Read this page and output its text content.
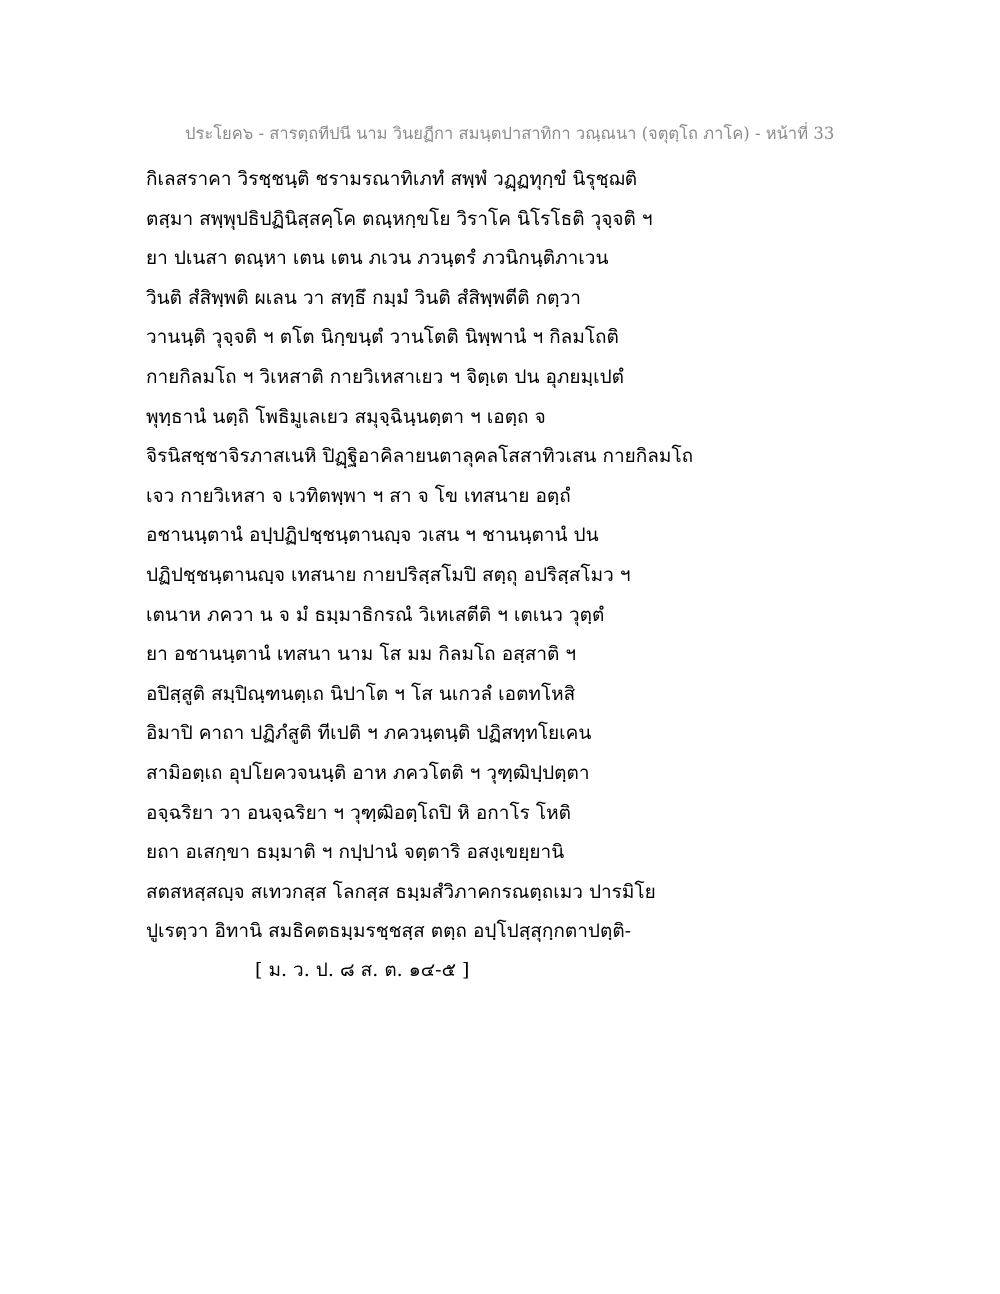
ประโยค๖ - สารตฺถทีปนี นาม วินยฏีกา สมนฺตปาสาทิกา วณฺณนา (จตุตฺโถ ภาโค) - หน้าที่ 33
กิเลสราคา วิรชฺชนฺติ ชรามรณาทิเภทํ สพฺพํ วฏฺฏทุกฺขํ นิรุชฺฌติ
ตสฺมา สพฺพุปธิปฏินิสฺสคฺโค ตณฺหกฺขโย วิราโค นิโรโธติ วุจฺจติ ฯ
ยา ปเนสา ตณฺหา เตน เตน ภเวน ภวนฺตรํ ภวนิกนฺติภาเวน
วินติ สํสิพฺพติ ผเลน วา สทฺธึ กมฺมํ วินติ สํสิพฺพตีติ กตฺวา
วานนฺติ วุจฺจติ ฯ ตโต นิกฺขนฺตํ วานโตติ นิพฺพานํ ฯ กิลมโถติ
กายกิลมโถ ฯ วิเหสาติ กายวิเหสาเยว ฯ จิตฺเต ปน อุภยมฺเปตํ
พุทฺธานํ นตฺถิ โพธิมูเลเยว สมุจฺฉินฺนตฺตา ฯ เอตฺถ จ
จิรนิสชฺชาจิรภาสเนหิ ปิฏฺฐิอาคิลายนตาลุคลโสสาทิวเสน กายกิลมโถ
เจว กายวิเหสา จ เวทิตพฺพา ฯ สา จ โข เทสนาย อตฺถํ
อชานนฺตานํ อปฺปฏิปชฺชนฺตานญฺจ วเสน ฯ ชานนฺตานํ ปน
ปฏิปชฺชนฺตานญฺจ เทสนาย กายปริสฺสโมปิ สตฺถุ อปริสฺสโมว ฯ
เตนาห ภควา น จ มํ ธมฺมาธิกรณํ วิเหเสตีติ ฯ เตเนว วุตฺตํ
ยา อชานนฺตานํ เทสนา นาม โส มม กิลมโถ อสฺสาติ ฯ
อปิสฺสูติ สมฺปิณฺฑนตฺเถ นิปาโต ฯ โส นเกวลํ เอตทโหสิ
อิมาปิ คาถา ปฏิภํสูติ ทีเปติ ฯ ภควนฺตนฺติ ปฏิสทฺทโยเคน
สามิอตฺเถ อุปโยควจนนฺติ อาห ภควโตติ ฯ วุฑฺฒิปฺปตฺตา
อจฺฉริยา วา อนจฺฉริยา ฯ วุฑฺฒิอตฺโถปิ หิ อกาโร โหติ
ยถา อเสกฺขา ธมฺมาติ ฯ กปฺปานํ จตฺตาริ อสงฺเขยฺยานิ
สตสหสฺสญฺจ สเทวกสฺส โลกสฺส ธมฺมสํวิภาคกรณตฺถเมว ปารมิโย
ปูเรตฺวา อิทานิ สมธิคตธมฺมรชฺชสฺส ตตฺถ อปฺโปสฺสุกฺกตาปตฺติ-
[ ม. ว. ป. ๘ ส. ต. ๑๔-๕ ]
